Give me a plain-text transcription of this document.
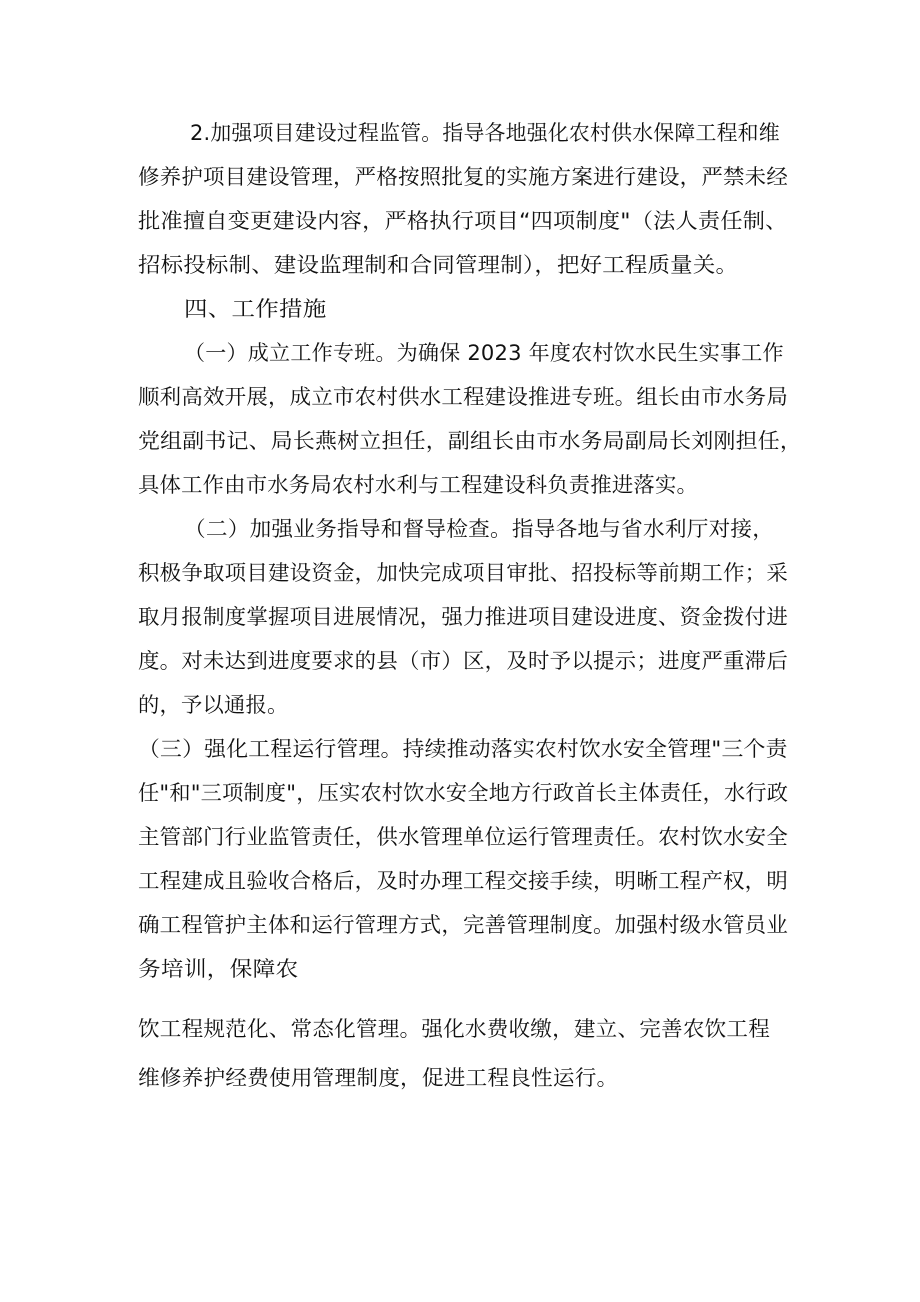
2.加强项目建设过程监管。指导各地强化农村供水保障工程和维
修养护项目建设管理，严格按照批复的实施方案进行建设，严禁未经
批准擅自变更建设内容，严格执行项目“四项制度"（法人责任制、
招标投标制、建设监理制和合同管理制），把好工程质量关。
四、工作措施
（一）成立工作专班。为确保 2023 年度农村饮水民生实事工作
顺利高效开展，成立市农村供水工程建设推进专班。组长由市水务局
党组副书记、局长燕树立担任，副组长由市水务局副局长刘刚担任，
具体工作由市水务局农村水利与工程建设科负责推进落实。
（二）加强业务指导和督导检查。指导各地与省水利厅对接，
积极争取项目建设资金，加快完成项目审批、招投标等前期工作；采
取月报制度掌握项目进展情况，强力推进项目建设进度、资金拨付进
度。对未达到进度要求的县（市）区，及时予以提示；进度严重滞后
的，予以通报。
（三）强化工程运行管理。持续推动落实农村饮水安全管理"三个责
任"和"三项制度"，压实农村饮水安全地方行政首长主体责任，水行政
主管部门行业监管责任，供水管理单位运行管理责任。农村饮水安全
工程建成且验收合格后，及时办理工程交接手续，明晰工程产权，明
确工程管护主体和运行管理方式，完善管理制度。加强村级水管员业
务培训，保障农
饮工程规范化、常态化管理。强化水费收缴，建立、完善农饮工程
维修养护经费使用管理制度，促进工程良性运行。
